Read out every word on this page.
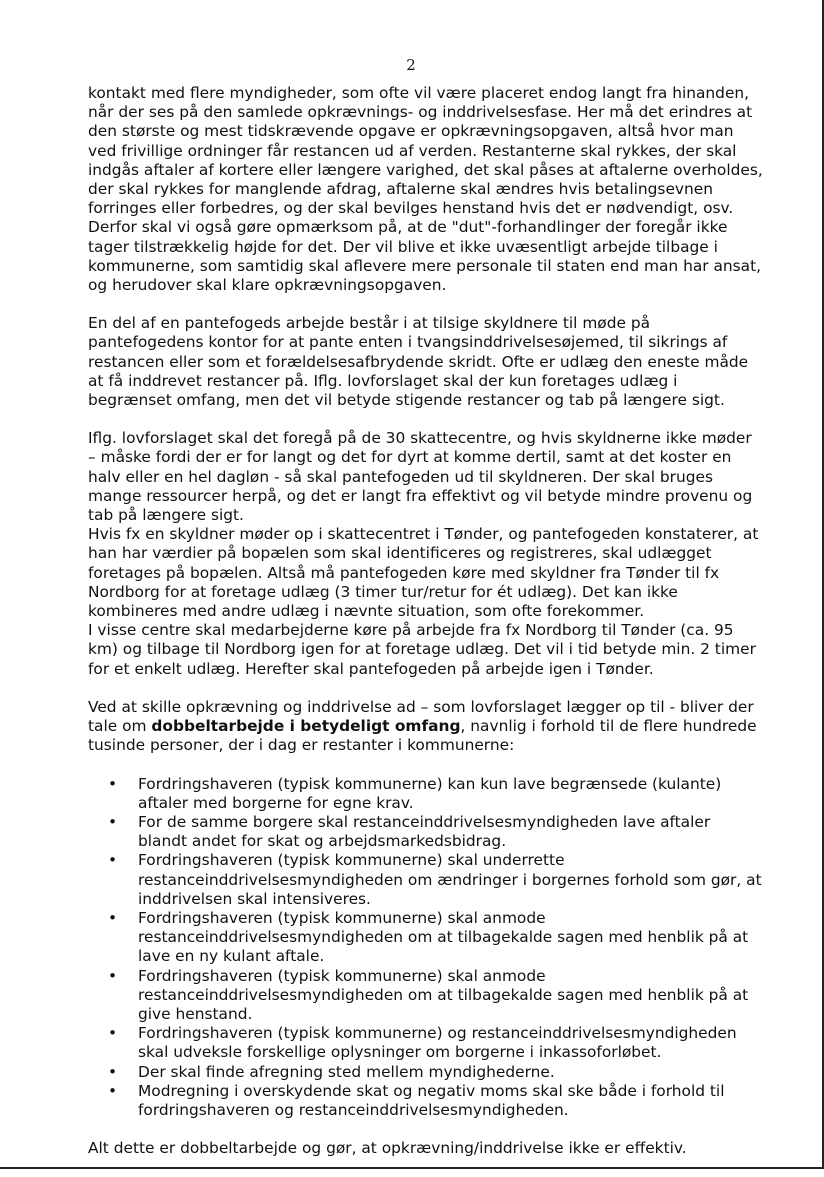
2

kontakt med flere myndigheder, som ofte vil være placeret endog langt fra hinanden, når der ses på den samlede opkrævnings- og inddrivelsesfase. Her må det erindres at den største og mest tidskrævende opgave er opkrævningsopgaven, altså hvor man ved frivillige ordninger får restancen ud af verden. Restanterne skal rykkes, der skal indgås aftaler af kortere eller længere varighed, det skal påses at aftalerne overholdes, der skal rykkes for manglende afdrag, aftalerne skal ændres hvis betalingsevnen forringes eller forbedres, og der skal bevilges henstand hvis det er nødvendigt, osv. Derfor skal vi også gøre opmærksom på, at de "dut"-forhandlinger der foregår ikke tager tilstrækkelig højde for det. Der vil blive et ikke uvæsentligt arbejde tilbage i kommunerne, som samtidig skal aflevere mere personale til staten end man har ansat, og herudover skal klare opkrævningsopgaven.

En del af en pantefogeds arbejde består i at tilsige skyldnere til møde på pantefogedens kontor for at pante enten i tvangsinddrivelsesøjemed, til sikrings af restancen eller som et forældelsesafbrydende skridt. Ofte er udlæg den eneste måde at få inddrevet restancer på. Iflg. lovforslaget skal der kun foretages udlæg i begrænset omfang, men det vil betyde stigende restancer og tab på længere sigt.

Iflg. lovforslaget skal det foregå på de 30 skattecentre, og hvis skyldnerne ikke møder – måske fordi der er for langt og det for dyrt at komme dertil, samt at det koster en halv eller en hel dagløn - så skal pantefogeden ud til skyldneren. Der skal bruges mange ressourcer herpå, og det er langt fra effektivt og vil betyde mindre provenu og tab på længere sigt.

Hvis fx en skyldner møder op i skattecentret i Tønder, og pantefogeden konstaterer, at han har værdier på bopælen som skal identificeres og registreres, skal udlægget foretages på bopælen. Altså må pantefogeden køre med skyldner fra Tønder til fx Nordborg for at foretage udlæg (3 timer tur/retur for ét udlæg). Det kan ikke kombineres med andre udlæg i nævnte situation, som ofte forekommer.

I visse centre skal medarbejderne køre på arbejde fra fx Nordborg til Tønder (ca. 95 km) og tilbage til Nordborg igen for at foretage udlæg. Det vil i tid betyde min. 2 timer for et enkelt udlæg. Herefter skal pantefogeden på arbejde igen i Tønder.

Ved at skille opkrævning og inddrivelse ad – som lovforslaget lægger op til - bliver der tale om dobbeltarbejde i betydeligt omfang, navnlig i forhold til de flere hundrede tusinde personer, der i dag er restanter i kommunerne:

• Fordringshaveren (typisk kommunerne) kan kun lave begrænsede (kulante) aftaler med borgerne for egne krav.
• For de samme borgere skal restanceinddrivelsesmyndigheden lave aftaler blandt andet for skat og arbejdsmarkedsbidrag.
• Fordringshaveren (typisk kommunerne) skal underrette restanceinddrivelsesmyndigheden om ændringer i borgernes forhold som gør, at inddrivelsen skal intensiveres.
• Fordringshaveren (typisk kommunerne) skal anmode restanceinddrivelsesmyndigheden om at tilbagekalde sagen med henblik på at lave en ny kulant aftale.
• Fordringshaveren (typisk kommunerne) skal anmode restanceinddrivelsesmyndigheden om at tilbagekalde sagen med henblik på at give henstand.
• Fordringshaveren (typisk kommunerne) og restanceinddrivelsesmyndigheden skal udveksle forskellige oplysninger om borgerne i inkassoforløbet.
• Der skal finde afregning sted mellem myndighederne.
• Modregning i overskydende skat og negativ moms skal ske både i forhold til fordringshaveren og restanceinddrivelsesmyndigheden.

Alt dette er dobbeltarbejde og gør, at opkrævning/inddrivelse ikke er effektiv.
